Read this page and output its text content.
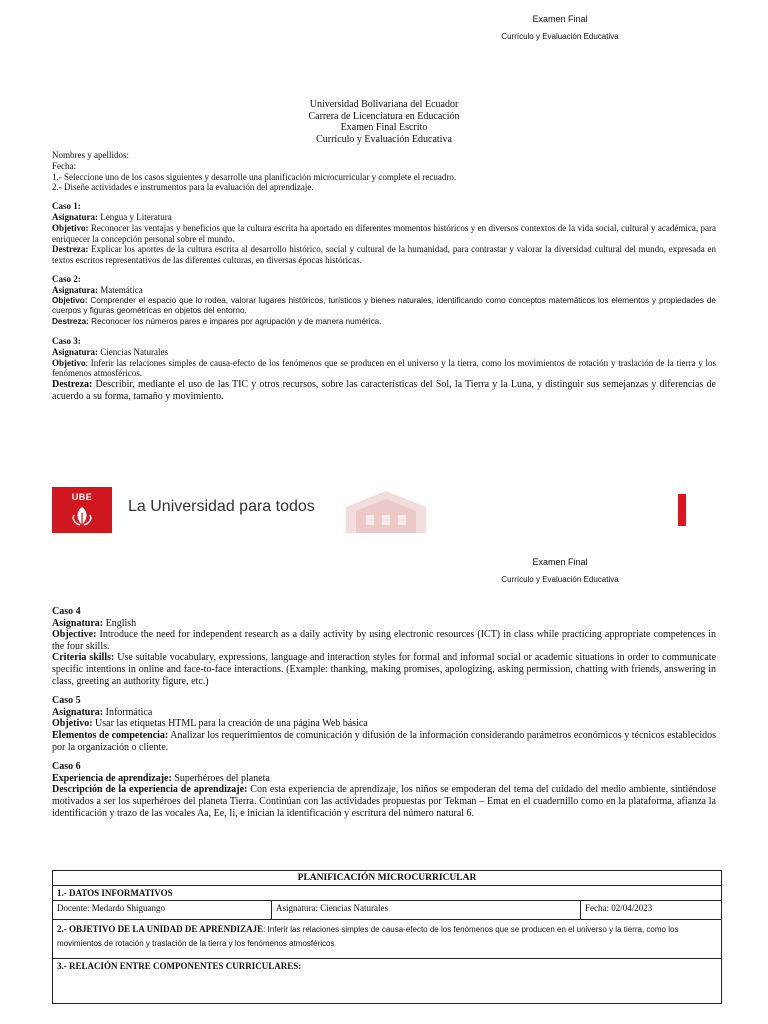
Examen Final
Currículo y Evaluación Educativa
Universidad Bolivariana del Ecuador
Carrera de Licenciatura en Educación
Examen Final Escrito
Currículo y Evaluación Educativa

Nombres y apellidos:

Fecha:

1.- Seleccione uno de los casos siguientes y desarrolle una planificación microcurricular y complete el recuadro.

2.- Diseñe actividades e instrumentos para la evaluación del aprendizaje.

Caso 1:

Asignatura: Lengua y Literatura

Objetivo: Reconocer las ventajas y beneficios que la cultura escrita ha aportado en diferentes momentos históricos y en diversos contextos de la vida social, cultural y académica, para enriquecer la concepción personal sobre el mundo.

Destreza: Explicar los aportes de la cultura escrita al desarrollo histórico, social y cultural de la humanidad, para contrastar y valorar la diversidad cultural del mundo, expresada en textos escritos representativos de las diferentes culturas, en diversas épocas históricas.

Caso 2:

Asignatura: Matemática

Objetivo: Comprender el espacio que lo rodea, valorar lugares históricos, turísticos y bienes naturales, identificando como conceptos matemáticos los elementos y propiedades de cuerpos y figuras geométricas en objetos del entorno.

Destreza: Reconocer los números pares e impares por agrupación y de manera numérica.

Caso 3:

Asignatura: Ciencias Naturales

Objetivo: Inferir las relaciones simples de causa-efecto de los fenómenos que se producen en el universo y la tierra, como los movimientos de rotación y traslación de la tierra y los fenómenos atmosféricos.

Destreza: Describir, mediante el uso de las TIC y otros recursos, sobre las características del Sol, la Tierra y la Luna, y distinguir sus semejanzas y diferencias de acuerdo a su forma, tamaño y movimiento.

UBE
La Universidad para todos
Examen Final
Currículo y Evaluación Educativa

Caso 4

Asignatura: English

Objective: Introduce the need for independent research as a daily activity by using electronic resources (ICT) in class while practicing appropriate competences in the four skills.

Criteria skills: Use suitable vocabulary, expressions, language and interaction styles for formal and informal social or academic situations in order to communicate specific intentions in online and face-to-face interactions. (Example: thanking, making promises, apologizing, asking permission, chatting with friends, answering in class, greeting an authority figure, etc.)

Caso 5

Asignatura: Informática

Objetivo: Usar las etiquetas HTML para la creación de una página Web básica

Elementos de competencia: Analizar los requerimientos de comunicación y difusión de la información considerando parámetros económicos y técnicos establecidos por la organización o cliente.

Caso 6

Experiencia de aprendizaje: Superhéroes del planeta

Descripción de la experiencia de aprendizaje: Con esta experiencia de aprendizaje, los niños se empoderan del tema del cuidado del medio ambiente, sintiéndose motivados a ser los superhéroes del planeta Tierra. Continúan con las actividades propuestas por Tekman – Emat en el cuadernillo como en la plataforma, afianza la identificación y trazo de las vocales Aa, Ee, Ii, e inician la identificación y escritura del número natural 6.

PLANIFICACIÓN MICROCURRICULAR
1.- DATOS INFORMATIVOS
Docente: Medardo Shiguango	Asignatura: Ciencias Naturales	Fecha: 02/04/2023
2.- OBJETIVO DE LA UNIDAD DE APRENDIZAJE: Inferir las relaciones simples de causa-efecto de los fenómenos que se producen en el universo y la tierra, como los movimientos de rotación y traslación de la tierra y los fenómenos atmosféricos
3.- RELACIÓN ENTRE COMPONENTES CURRICULARES:
